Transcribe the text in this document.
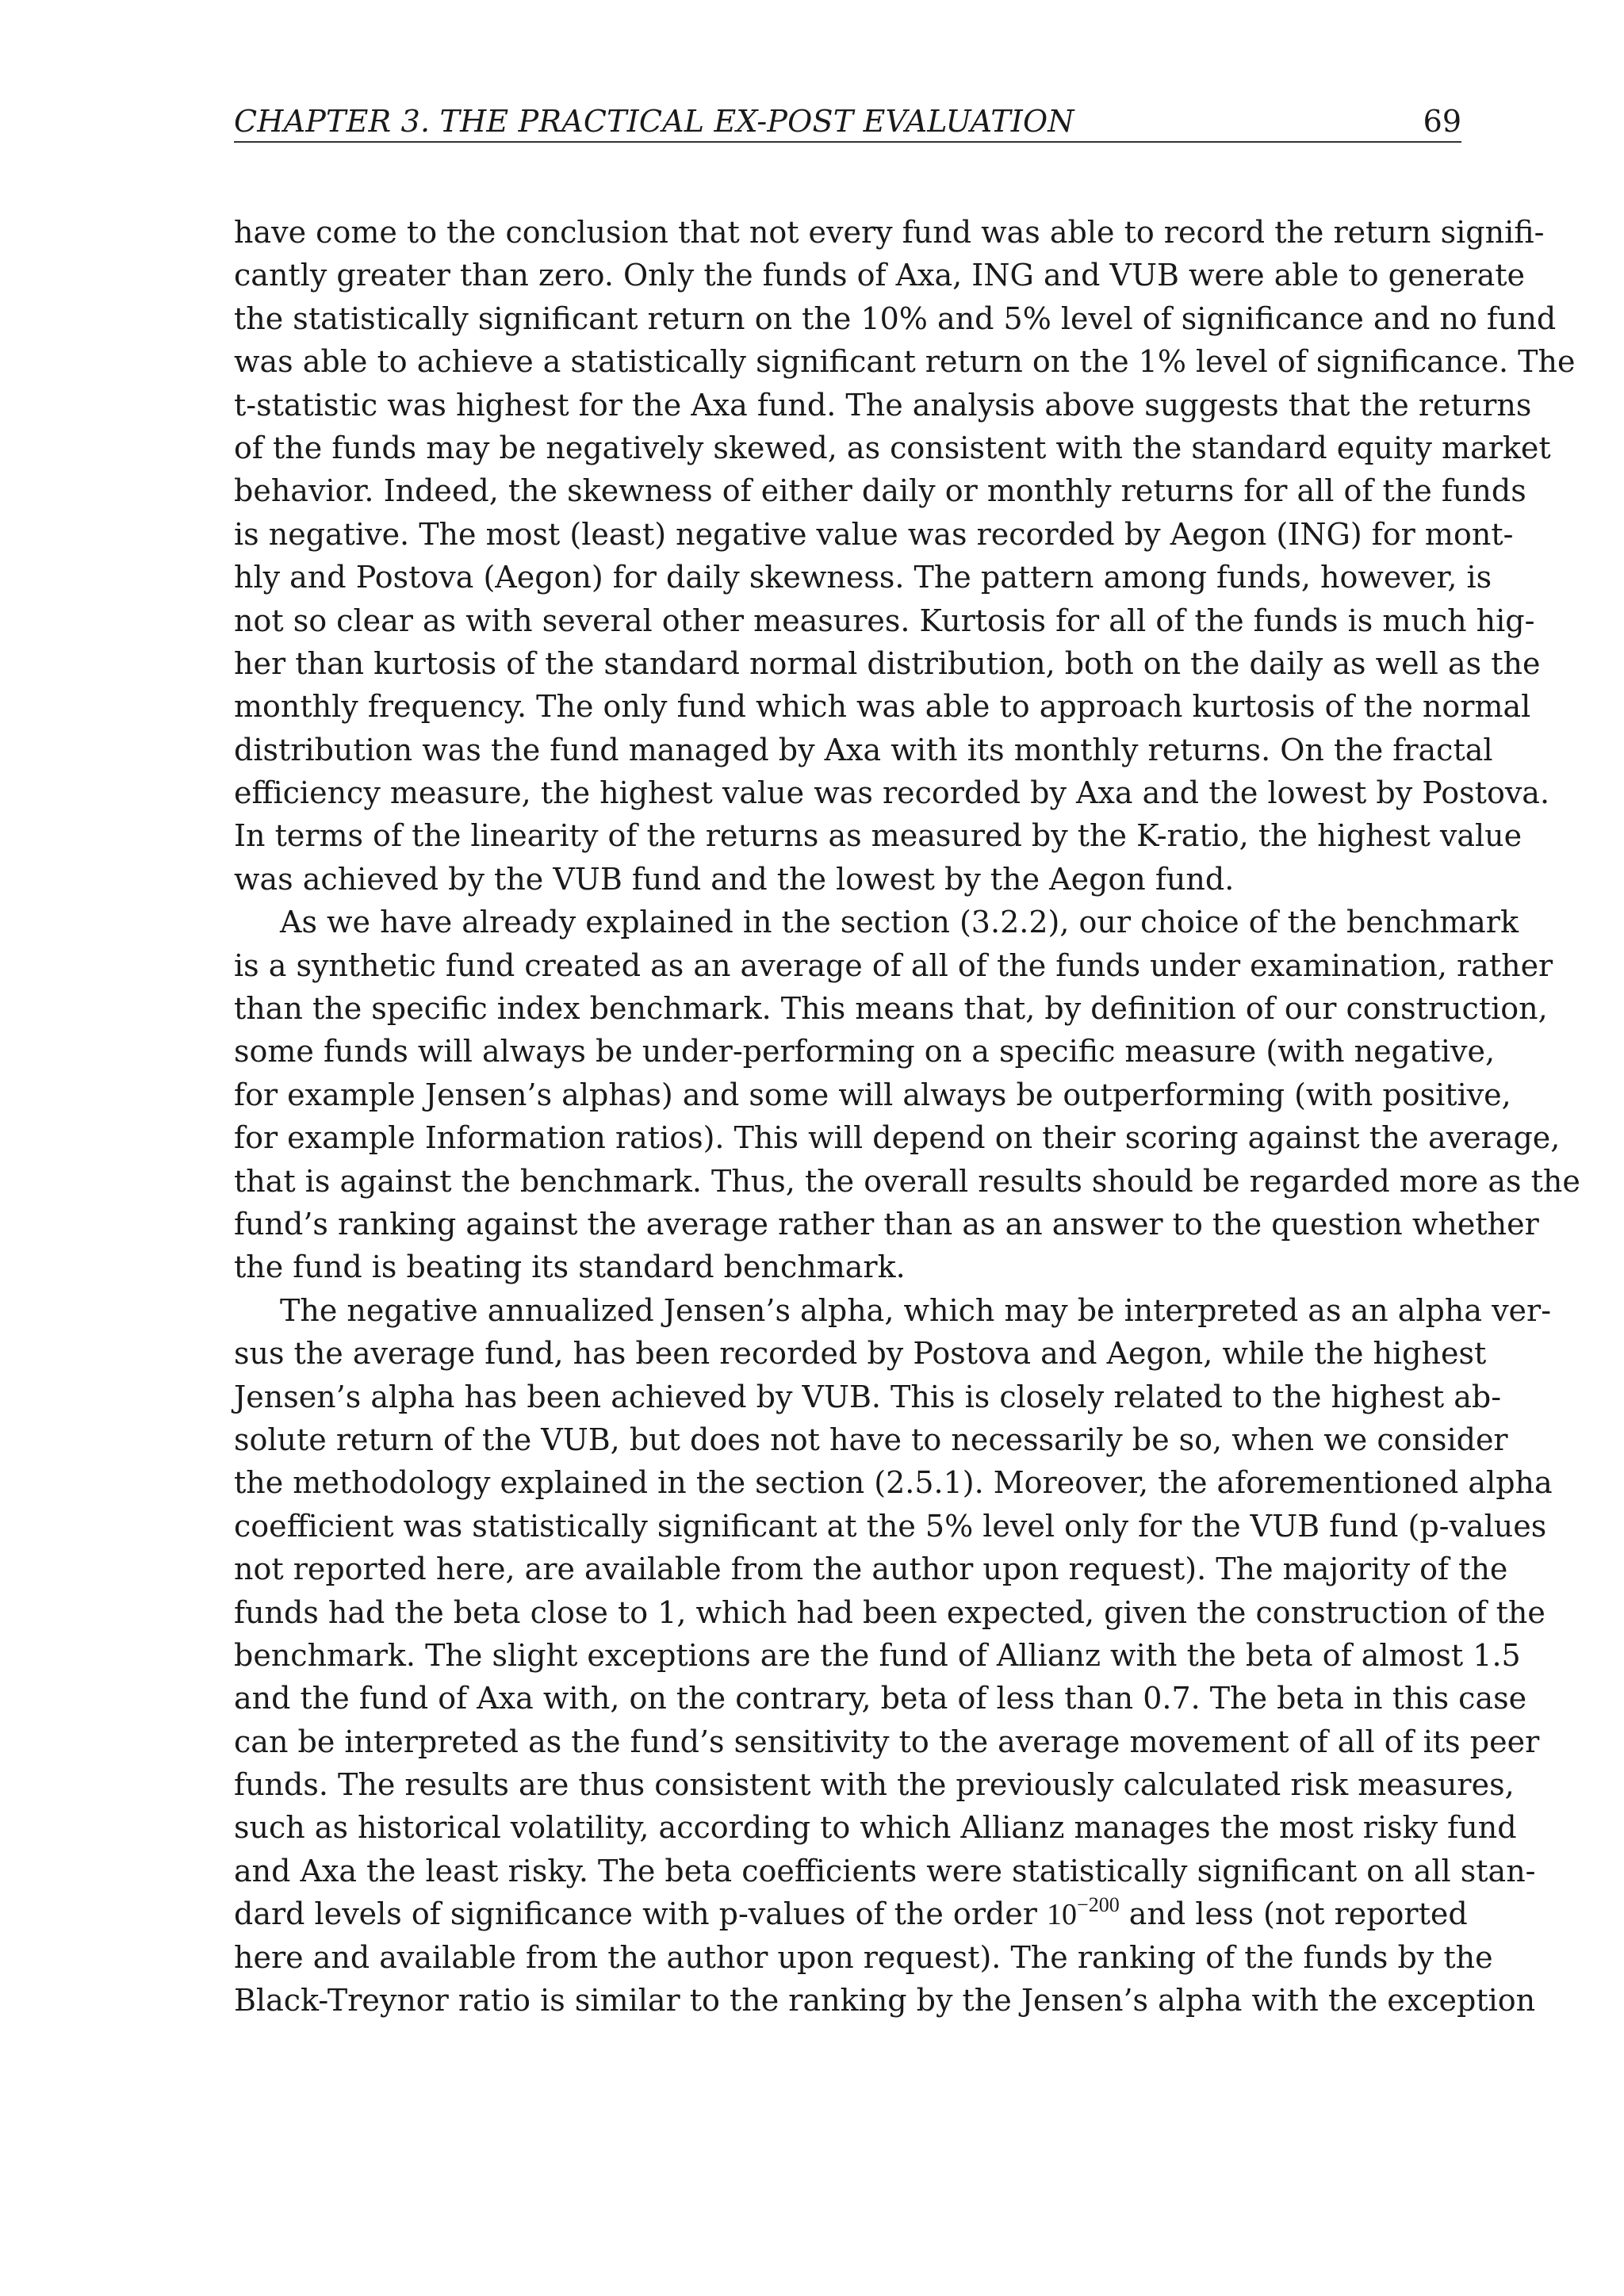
CHAPTER 3. THE PRACTICAL EX-POST EVALUATION	69
have come to the conclusion that not every fund was able to record the return signifi-
cantly greater than zero. Only the funds of Axa, ING and VUB were able to generate
the statistically significant return on the 10% and 5% level of significance and no fund
was able to achieve a statistically significant return on the 1% level of significance. The
t-statistic was highest for the Axa fund. The analysis above suggests that the returns
of the funds may be negatively skewed, as consistent with the standard equity market
behavior. Indeed, the skewness of either daily or monthly returns for all of the funds
is negative. The most (least) negative value was recorded by Aegon (ING) for mont-
hly and Postova (Aegon) for daily skewness. The pattern among funds, however, is
not so clear as with several other measures. Kurtosis for all of the funds is much hig-
her than kurtosis of the standard normal distribution, both on the daily as well as the
monthly frequency. The only fund which was able to approach kurtosis of the normal
distribution was the fund managed by Axa with its monthly returns. On the fractal
efficiency measure, the highest value was recorded by Axa and the lowest by Postova.
In terms of the linearity of the returns as measured by the K-ratio, the highest value
was achieved by the VUB fund and the lowest by the Aegon fund.
As we have already explained in the section (3.2.2), our choice of the benchmark
is a synthetic fund created as an average of all of the funds under examination, rather
than the specific index benchmark. This means that, by definition of our construction,
some funds will always be under-performing on a specific measure (with negative,
for example Jensen’s alphas) and some will always be outperforming (with positive,
for example Information ratios). This will depend on their scoring against the average,
that is against the benchmark. Thus, the overall results should be regarded more as the
fund’s ranking against the average rather than as an answer to the question whether
the fund is beating its standard benchmark.
The negative annualized Jensen’s alpha, which may be interpreted as an alpha ver-
sus the average fund, has been recorded by Postova and Aegon, while the highest
Jensen’s alpha has been achieved by VUB. This is closely related to the highest ab-
solute return of the VUB, but does not have to necessarily be so, when we consider
the methodology explained in the section (2.5.1). Moreover, the aforementioned alpha
coefficient was statistically significant at the 5% level only for the VUB fund (p-values
not reported here, are available from the author upon request). The majority of the
funds had the beta close to 1, which had been expected, given the construction of the
benchmark. The slight exceptions are the fund of Allianz with the beta of almost 1.5
and the fund of Axa with, on the contrary, beta of less than 0.7. The beta in this case
can be interpreted as the fund’s sensitivity to the average movement of all of its peer
funds. The results are thus consistent with the previously calculated risk measures,
such as historical volatility, according to which Allianz manages the most risky fund
and Axa the least risky. The beta coefficients were statistically significant on all stan-
dard levels of significance with p-values of the order $10^{-200}$ and less (not reported
here and available from the author upon request). The ranking of the funds by the
Black-Treynor ratio is similar to the ranking by the Jensen’s alpha with the exception
